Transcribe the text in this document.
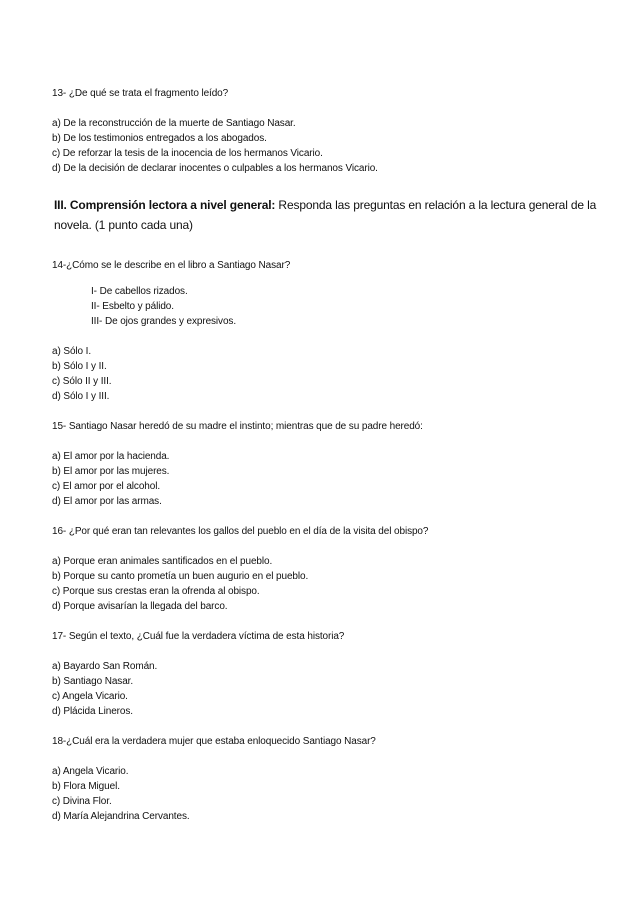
13- ¿De qué se trata el fragmento leído?
a) De la reconstrucción de la muerte de Santiago Nasar.
b) De los testimonios entregados a los abogados.
c) De reforzar la tesis de la inocencia de los hermanos Vicario.
d) De la decisión de declarar inocentes o culpables a los hermanos Vicario.
III. Comprensión lectora a nivel general: Responda las preguntas en relación a la lectura general de la novela. (1 punto cada una)
14-¿Cómo se le describe en el libro a Santiago Nasar?
I- De cabellos rizados.
II- Esbelto y pálido.
III- De ojos grandes y expresivos.
a) Sólo I.
b) Sólo I y II.
c) Sólo II y III.
d) Sólo I y III.
15- Santiago Nasar heredó de su madre el instinto; mientras que de su padre heredó:
a) El amor por la hacienda.
b) El amor por las mujeres.
c) El amor por el alcohol.
d) El amor por las armas.
16- ¿Por qué eran tan relevantes los gallos del pueblo en el día de la visita del obispo?
a) Porque eran animales santificados en el pueblo.
b) Porque su canto prometía un buen augurio en el pueblo.
c) Porque sus crestas eran la ofrenda al obispo.
d) Porque avisarían la llegada del barco.
17- Según el texto, ¿Cuál fue la verdadera víctima de esta historia?
a) Bayardo San Román.
b) Santiago Nasar.
c) Angela Vicario.
d) Plácida Lineros.
18-¿Cuál era la verdadera mujer que estaba enloquecido Santiago Nasar?
a) Angela Vicario.
b) Flora Miguel.
c) Divina Flor.
d) María Alejandrina Cervantes.
